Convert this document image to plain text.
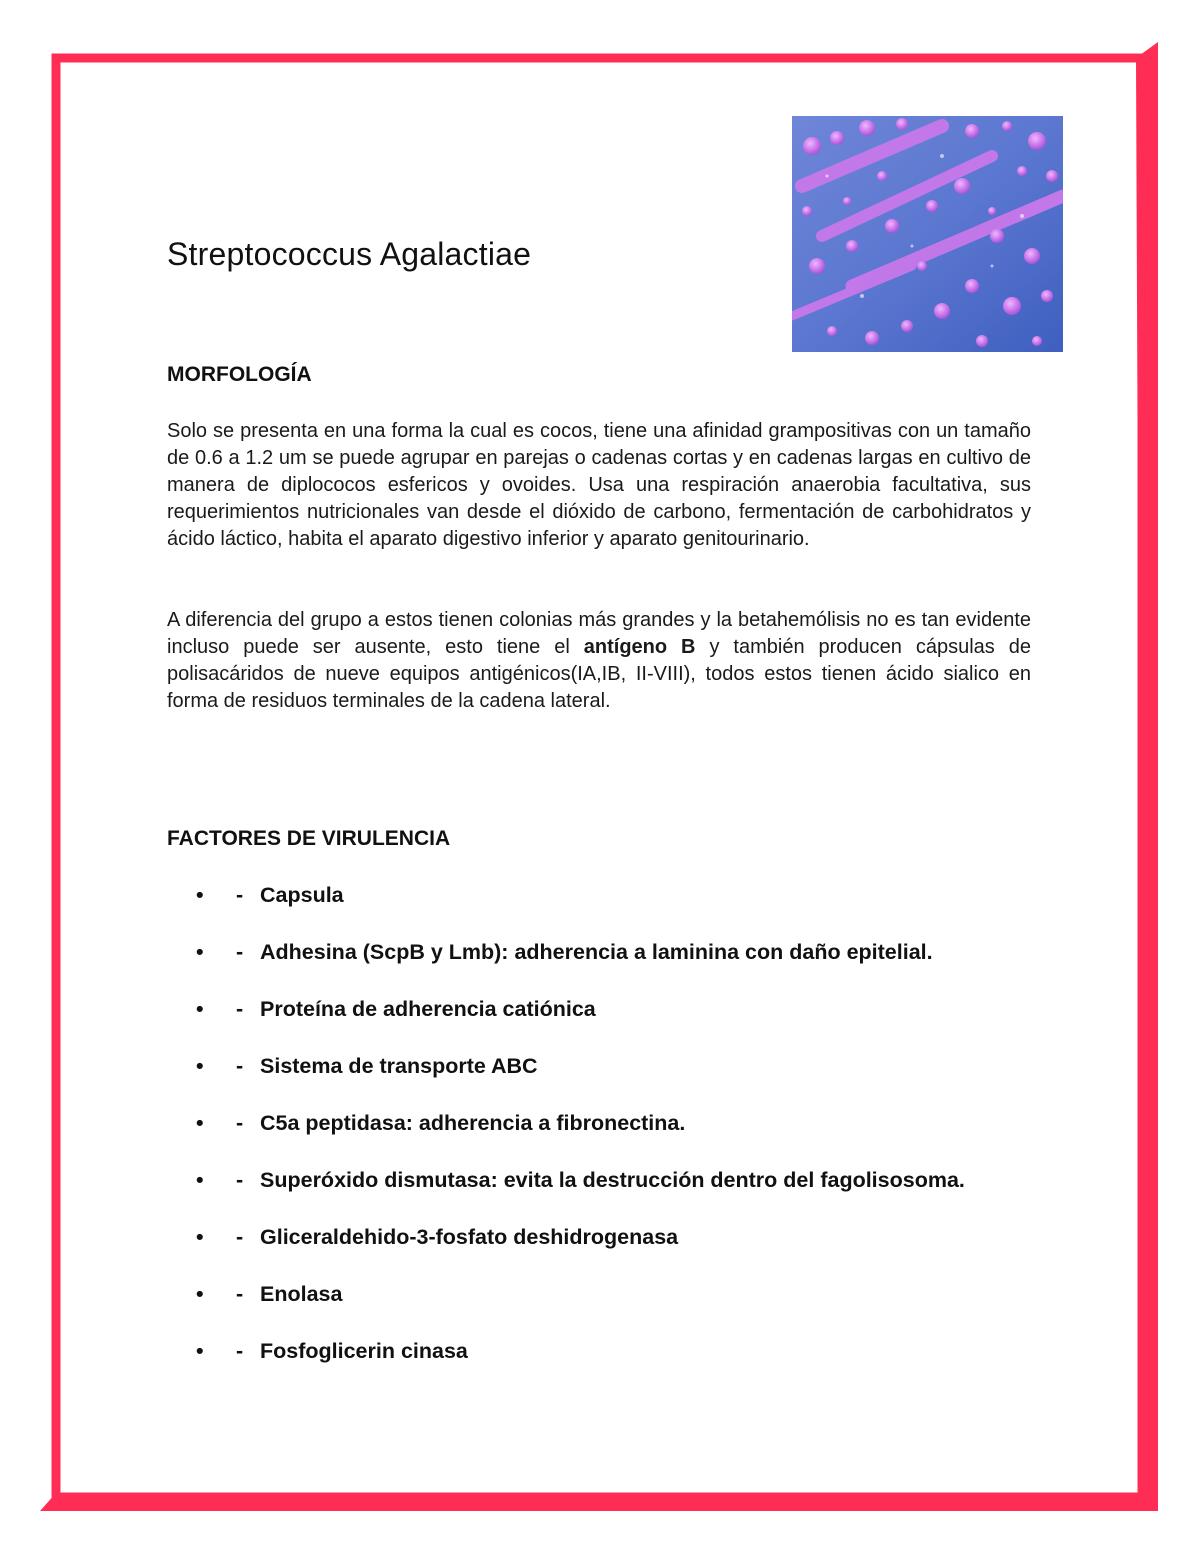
Streptococcus Agalactiae
MORFOLOGÍA

Solo se presenta en una forma la cual es cocos, tiene una afinidad grampositivas con un tamaño de 0.6 a 1.2 um se puede agrupar en parejas o cadenas cortas y en cadenas largas en cultivo de manera de diplococos esfericos y ovoides. Usa una respiración anaerobia facultativa, sus requerimientos nutricionales van desde el dióxido de carbono, fermentación de carbohidratos y ácido láctico, habita el aparato digestivo inferior y aparato genitourinario.

A diferencia del grupo a estos tienen colonias más grandes y la betahemólisis no es tan evidente incluso puede ser ausente, esto tiene el antígeno B y también producen cápsulas de polisacáridos de nueve equipos antigénicos(IA,IB, II-VIII), todos estos tienen ácido sialico en forma de residuos terminales de la cadena lateral.

FACTORES DE VIRULENCIA
•	- Capsula
•	- Adhesina (ScpB y Lmb): adherencia a laminina con daño epitelial.
•	- Proteína de adherencia catiónica
•	- Sistema de transporte ABC
•	- C5a peptidasa: adherencia a fibronectina.
•	- Superóxido dismutasa: evita la destrucción dentro del fagolisosoma.
•	- Gliceraldehido-3-fosfato deshidrogenasa
•	- Enolasa
•	- Fosfoglicerin cinasa
